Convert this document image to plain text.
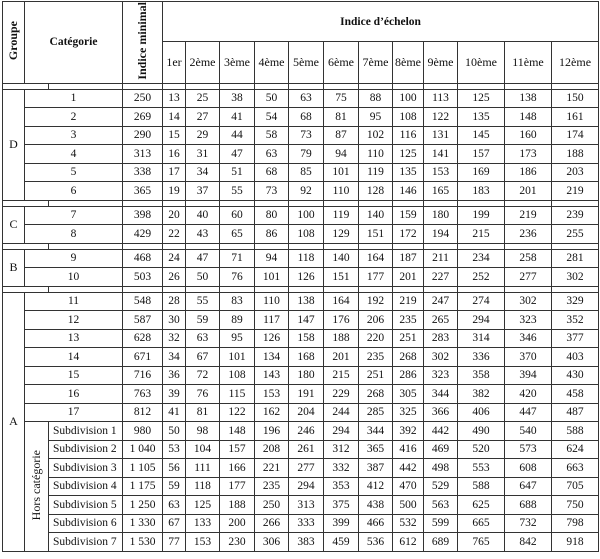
Groupe	Catégorie		Indice minimal	Indice d’échelon											
				1er	2ème	3ème	4ème	5ème	6ème	7ème	8ème	9ème	10ème	11ème	12ème

D	1		250	13	25	38	50	63	75	88	100	113	125	138	150
	2		269	14	27	41	54	68	81	95	108	122	135	148	161
	3		290	15	29	44	58	73	87	102	116	131	145	160	174
	4		313	16	31	47	63	79	94	110	125	141	157	173	188
	5		338	17	34	51	68	85	101	119	135	153	169	186	203
	6		365	19	37	55	73	92	110	128	146	165	183	201	219

C	7		398	20	40	60	80	100	119	140	159	180	199	219	239
	8		429	22	43	65	86	108	129	151	172	194	215	236	255

B	9		468	24	47	71	94	118	140	164	187	211	234	258	281
	10		503	26	50	76	101	126	151	177	201	227	252	277	302

A	11		548	28	55	83	110	138	164	192	219	247	274	302	329
	12		587	30	59	89	117	147	176	206	235	265	294	323	352
	13		628	32	63	95	126	158	188	220	251	283	314	346	377
	14		671	34	67	101	134	168	201	235	268	302	336	370	403
	15		716	36	72	108	143	180	215	251	286	323	358	394	430
	16		763	39	76	115	153	191	229	268	305	344	382	420	458
	17		812	41	81	122	162	204	244	285	325	366	406	447	487
	Hors catégorie	Subdivision 1	980	50	98	148	196	246	294	344	392	442	490	540	588
		Subdivision 2	1 040	53	104	157	208	261	312	365	416	469	520	573	624
		Subdivision 3	1 105	56	111	166	221	277	332	387	442	498	553	608	663
		Subdivision 4	1 175	59	118	177	235	294	353	412	470	529	588	647	705
		Subdivision 5	1 250	63	125	188	250	313	375	438	500	563	625	688	750
		Subdivision 6	1 330	67	133	200	266	333	399	466	532	599	665	732	798
		Subdivision 7	1 530	77	153	230	306	383	459	536	612	689	765	842	918
